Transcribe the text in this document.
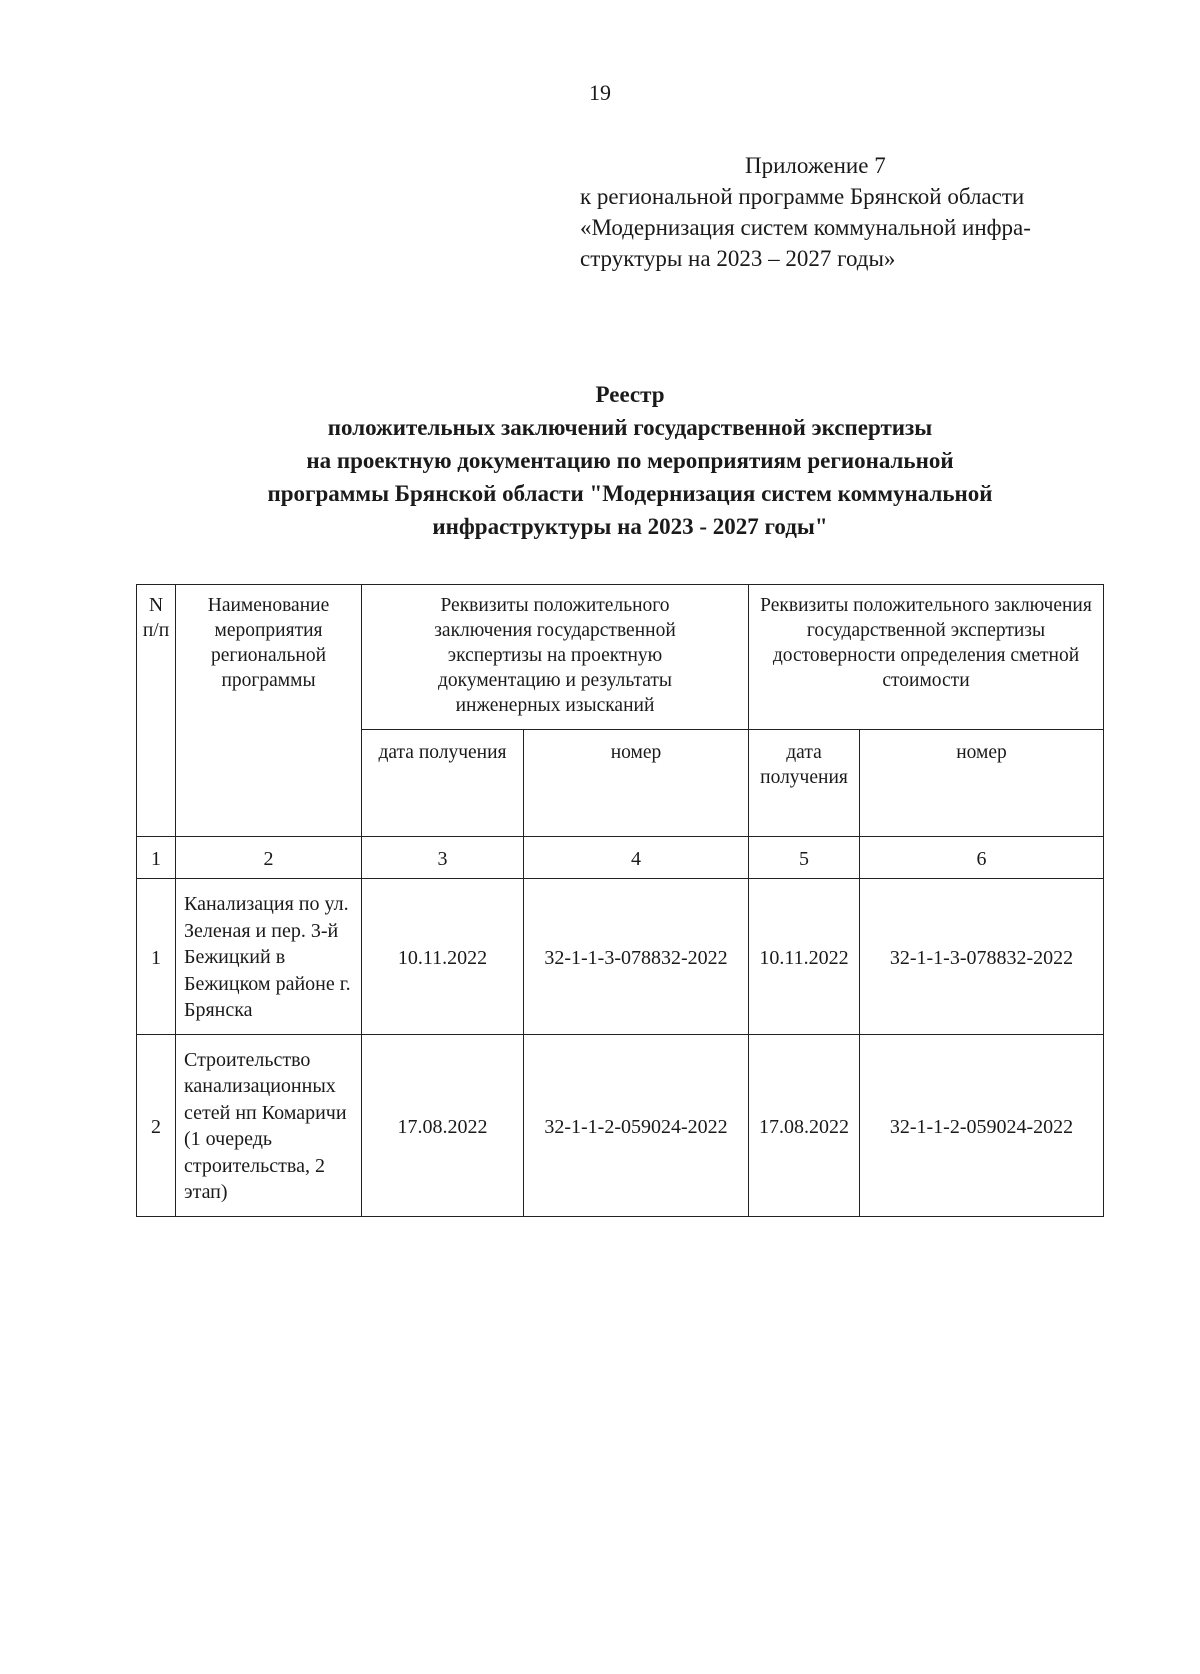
19
Приложение 7
к региональной программе Брянской области
«Модернизация систем коммунальной инфра-
структуры на 2023 – 2027 годы»
Реестр
положительных заключений государственной экспертизы
на проектную документацию по мероприятиям региональной
программы Брянской области "Модернизация систем коммунальной
инфраструктуры на 2023 - 2027 годы"
N п/п	Наименование мероприятия региональной программы	Реквизиты положительного заключения государственной экспертизы на проектную документацию и результаты инженерных изысканий		Реквизиты положительного заключения государственной экспертизы достоверности определения сметной стоимости	
		дата получения	номер	дата получения	номер
1	2	3	4	5	6
1	Канализация по ул. Зеленая и пер. 3-й Бежицкий в Бежицком районе г. Брянска	10.11.2022	32-1-1-3-078832-2022	10.11.2022	32-1-1-3-078832-2022
2	Строительство канализационных сетей нп Комаричи (1 очередь строительства, 2 этап)	17.08.2022	32-1-1-2-059024-2022	17.08.2022	32-1-1-2-059024-2022
